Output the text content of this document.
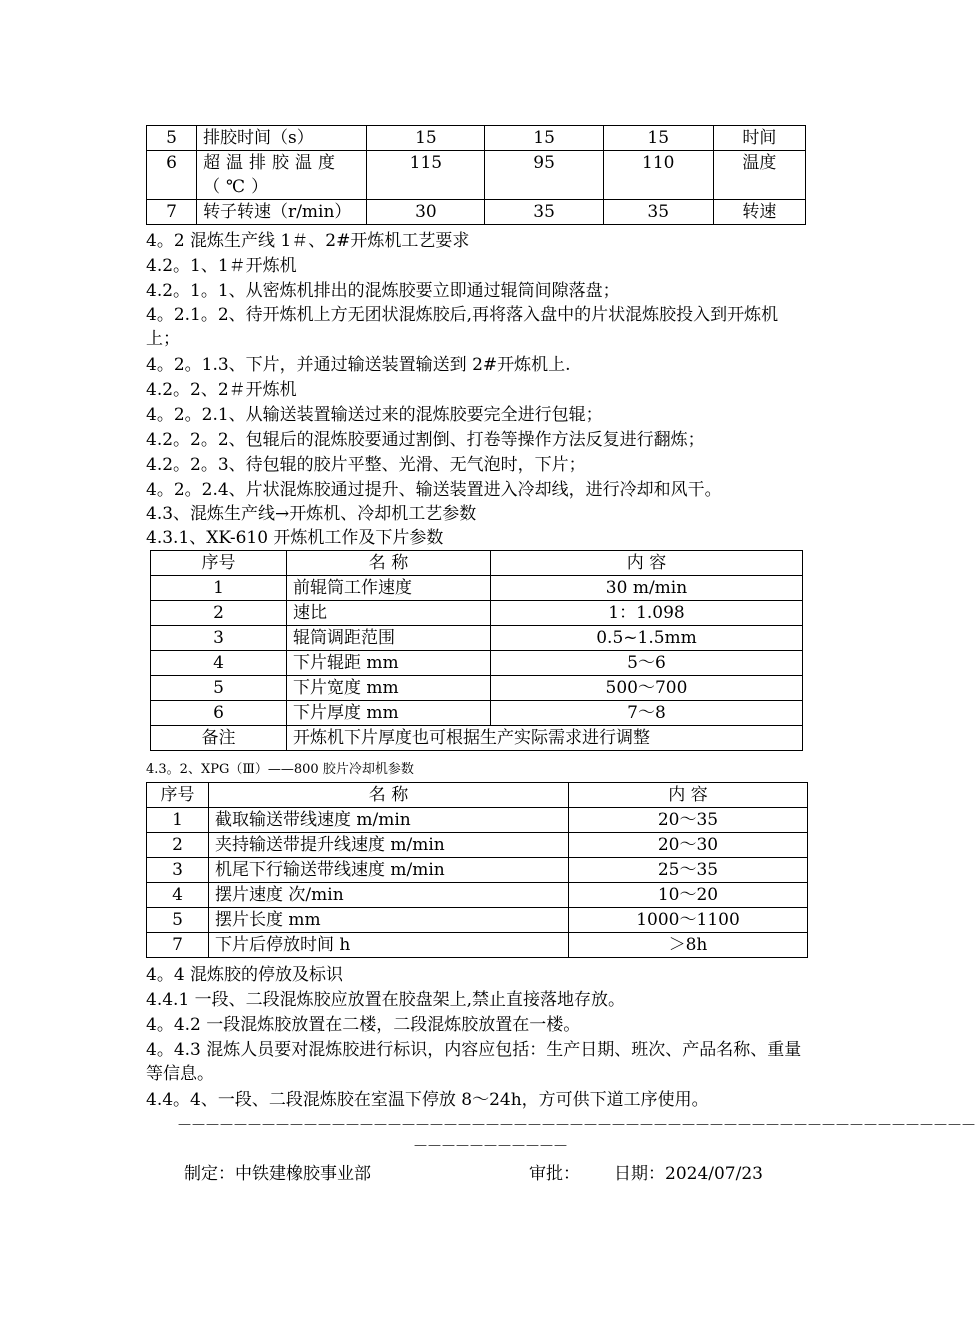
5	排胶时间（s）	15	15	15	时间
6	超温排胶温度（℃）	115	95	110	温度
7	转子转速（r/min）	30	35	35	转速
4。2 混炼生产线 1＃、2#开炼机工艺要求
4.2。1、1＃开炼机
4.2。1。1、从密炼机排出的混炼胶要立即通过辊筒间隙落盘；
4。2.1。2、待开炼机上方无团状混炼胶后,再将落入盘中的片状混炼胶投入到开炼机上；
4。2。1.3、下片，并通过输送装置输送到 2#开炼机上.
4.2。2、2＃开炼机
4。2。2.1、从输送装置输送过来的混炼胶要完全进行包辊；
4.2。2。2、包辊后的混炼胶要通过割倒、打卷等操作方法反复进行翻炼；
4.2。2。3、待包辊的胶片平整、光滑、无气泡时，下片；
4。2。2.4、片状混炼胶通过提升、输送装置进入冷却线，进行冷却和风干。
4.3、混炼生产线→开炼机、冷却机工艺参数
4.3.1、XK-610 开炼机工作及下片参数
序号	名 称	内 容
1	前辊筒工作速度	30 m/min
2	速比	1：1.098
3	辊筒调距范围	0.5~1.5mm
4	下片辊距 mm	5～6
5	下片宽度 mm	500～700
6	下片厚度 mm	7～8
备注	开炼机下片厚度也可根据生产实际需求进行调整	
4.3。2、XPG（Ⅲ）——800 胶片冷却机参数
序号	名 称	内 容
1	截取输送带线速度 m/min	20～35
2	夹持输送带提升线速度 m/min	20～30
3	机尾下行输送带线速度 m/min	25～35
4	摆片速度 次/min	10～20
5	摆片长度 mm	1000～1100
7	下片后停放时间 h	＞8h
4。4 混炼胶的停放及标识
4.4.1 一段、二段混炼胶应放置在胶盘架上,禁止直接落地存放。
4。4.2 一段混炼胶放置在二楼，二段混炼胶放置在一楼。
4。4.3 混炼人员要对混炼胶进行标识，内容应包括：生产日期、班次、产品名称、重量等信息。
4.4。4、一段、二段混炼胶在室温下停放 8～24h，方可供下道工序使用。
—————————————————————————————————————————————————————————
———————————
制定：中铁建橡胶事业部	审批： 日期：2024/07/23
